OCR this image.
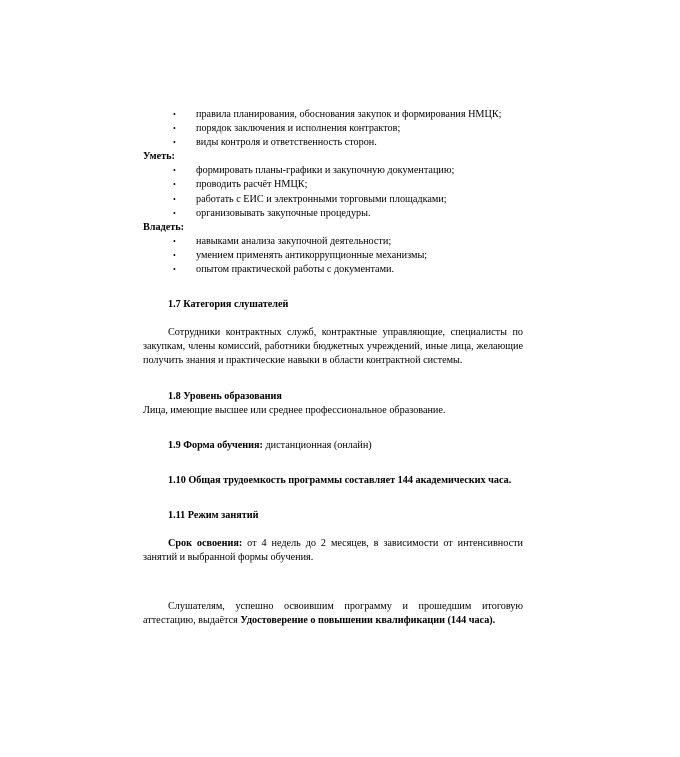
• правила планирования, обоснования закупок и формирования НМЦК;
• порядок заключения и исполнения контрактов;
• виды контроля и ответственность сторон.

Уметь:

• формировать планы-графики и закупочную документацию;
• проводить расчёт НМЦК;
• работать с ЕИС и электронными торговыми площадками;
• организовывать закупочные процедуры.

Владеть:

• навыками анализа закупочной деятельности;
• умением применять антикоррупционные механизмы;
• опытом практической работы с документами.
1.7 Категория слушателей

Сотрудники контрактных служб, контрактные управляющие, специалисты по закупкам, члены комиссий, работники бюджетных учреждений, иные лица, желающие получить знания и практические навыки в области контрактной системы.

1.8 Уровень образования

Лица, имеющие высшее или среднее профессиональное образование.

1.9 Форма обучения: дистанционная (онлайн)

1.10 Общая трудоемкость программы составляет 144 академических часа.

1.11 Режим занятий

Срок освоения: от 4 недель до 2 месяцев, в зависимости от интенсивности занятий и выбранной формы обучения.

Слушателям, успешно освоившим программу и прошедшим итоговую аттестацию, выдаётся Удостоверение о повышении квалификации (144 часа).
